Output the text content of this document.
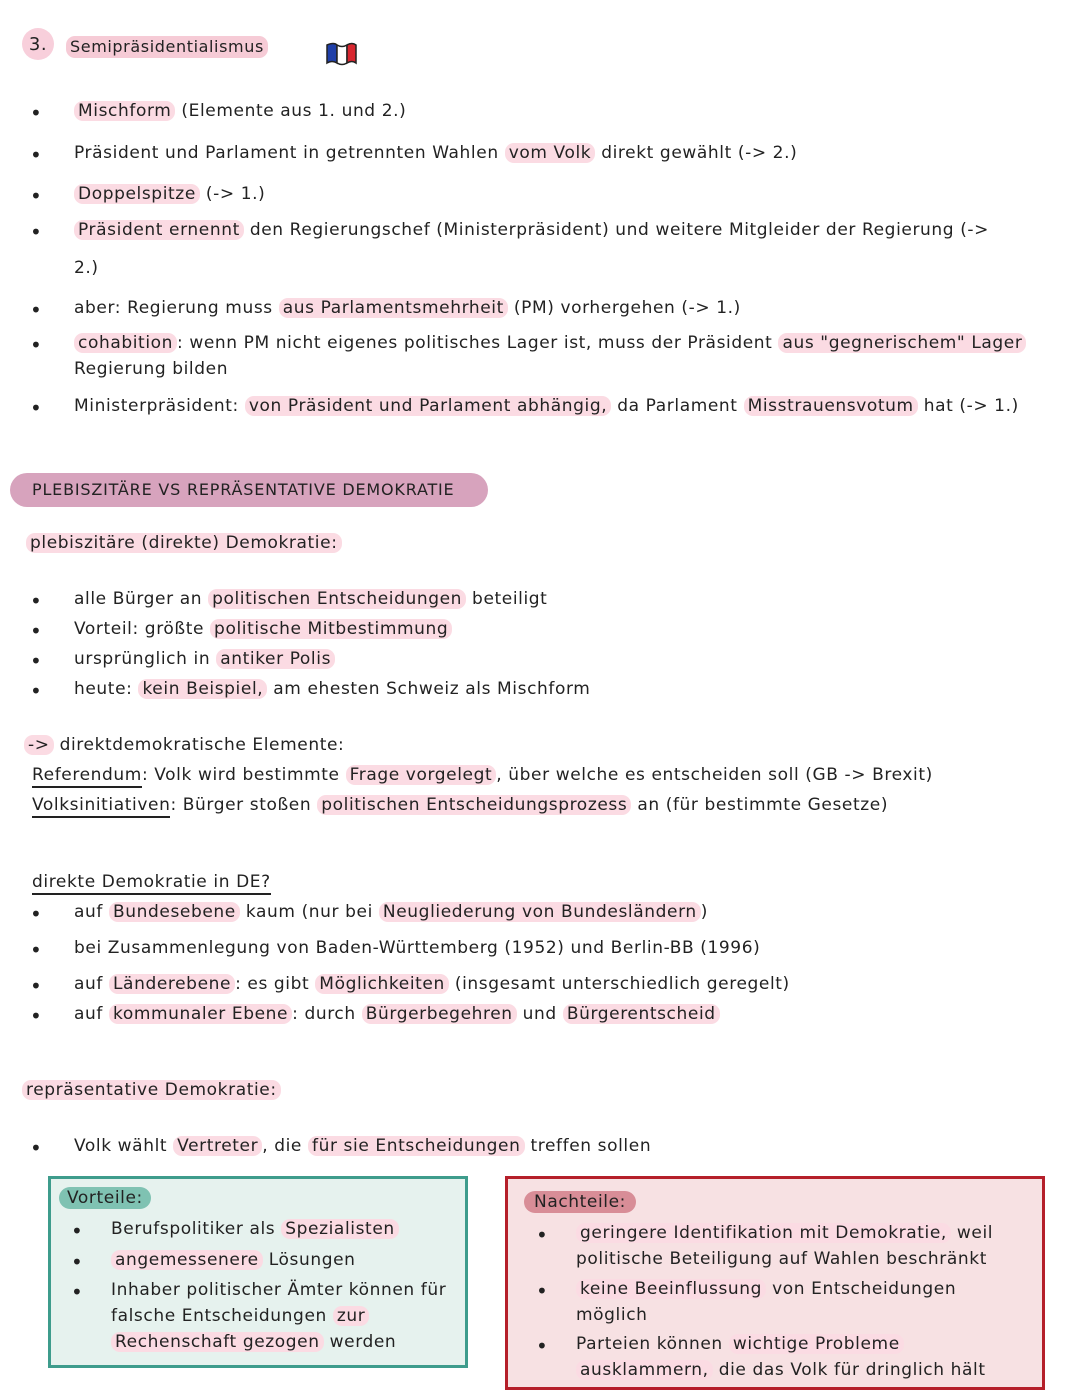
3.	Semipräsidentialismus
• Mischform (Elemente aus 1. und 2.)
• Präsident und Parlament in getrennten Wahlen vom Volk direkt gewählt (-> 2.)
• Doppelspitze (-> 1.)
• Präsident ernennt den Regierungschef (Ministerpräsident) und weitere Mitgleider der Regierung (->
2.)
• aber: Regierung muss aus Parlamentsmehrheit (PM) vorhergehen (-> 1.)
• cohabition : wenn PM nicht eigenes politisches Lager ist, muss der Präsident aus "gegnerischem" Lager
Regierung bilden
• Ministerpräsident: von Präsident und Parlament abhängig, da Parlament Misstrauensvotum hat (-> 1.)
PLEBISZITÄRE VS REPRÄSENTATIVE DEMOKRATIE
plebiszitäre (direkte) Demokratie:
• alle Bürger an politischen Entscheidungen beteiligt
• Vorteil: größte politische Mitbestimmung
• ursprünglich in antiker Polis
• heute: kein Beispiel, am ehesten Schweiz als Mischform
-> direktdemokratische Elemente:
Referendum: Volk wird bestimmte Frage vorgelegt , über welche es entscheiden soll (GB -> Brexit)
Volksinitiativen: Bürger stoßen politischen Entscheidungsprozess an (für bestimmte Gesetze)
direkte Demokratie in DE?
• auf Bundesebene kaum (nur bei Neugliederung von Bundesländern )
• bei Zusammenlegung von Baden-Württemberg (1952) und Berlin-BB (1996)
• auf Länderebene : es gibt Möglichkeiten (insgesamt unterschiedlich geregelt)
• auf kommunaler Ebene : durch Bürgerbegehren und Bürgerentscheid
repräsentative Demokratie:
• Volk wählt Vertreter , die für sie Entscheidungen treffen sollen
Vorteile:
• Berufspolitiker als Spezialisten
• angemessenere Lösungen
• Inhaber politischer Ämter können für
falsche Entscheidungen zur
Rechenschaft gezogen werden
Nachteile:
• geringere Identifikation mit Demokratie, weil
politische Beteiligung auf Wahlen beschränkt
• keine Beeinflussung von Entscheidungen
möglich
• Parteien können wichtige Probleme
ausklammern, die das Volk für dringlich hält
